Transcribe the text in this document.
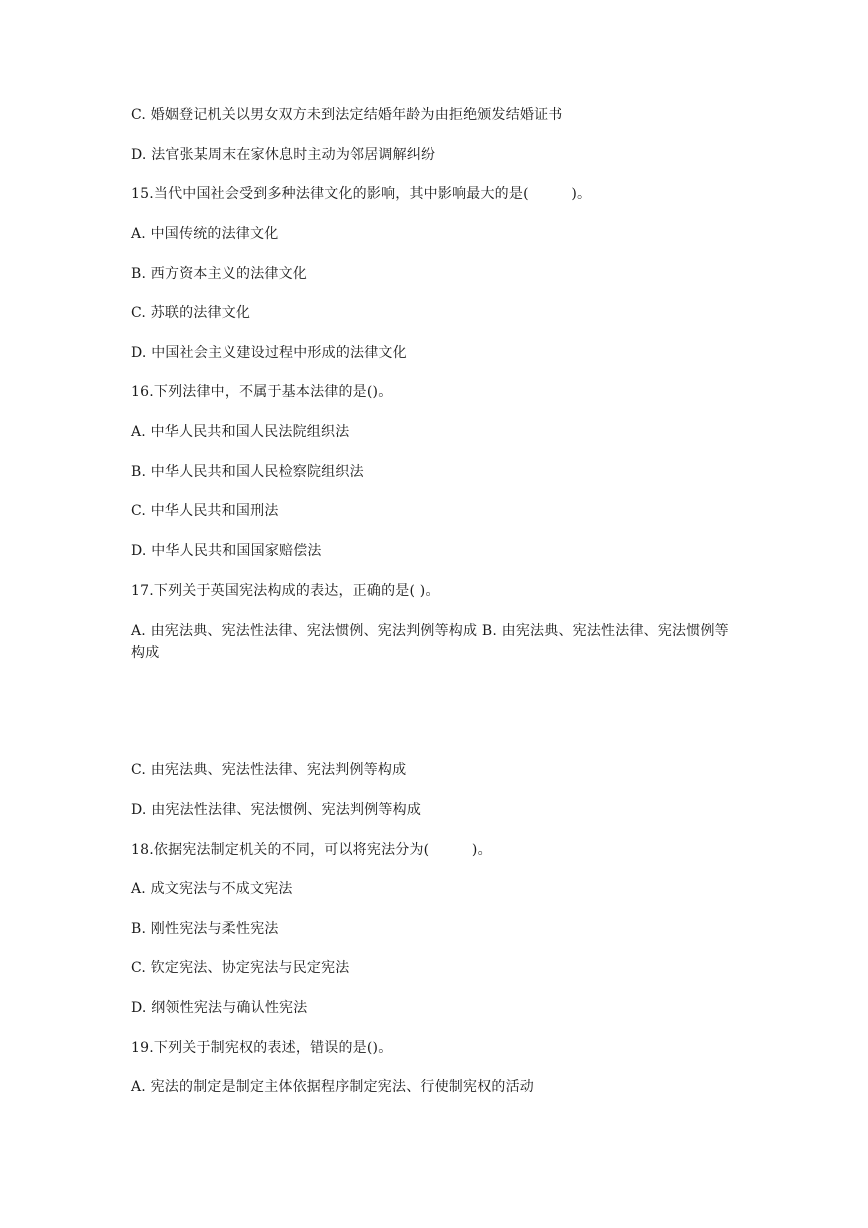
C. 婚姻登记机关以男女双方未到法定结婚年龄为由拒绝颁发结婚证书
D. 法官张某周末在家休息时主动为邻居调解纠纷
15.当代中国社会受到多种法律文化的影响，其中影响最大的是(　　　)。
A. 中国传统的法律文化
B. 西方资本主义的法律文化
C. 苏联的法律文化
D. 中国社会主义建设过程中形成的法律文化
16.下列法律中，不属于基本法律的是()。
A. 中华人民共和国人民法院组织法
B. 中华人民共和国人民检察院组织法
C. 中华人民共和国刑法
D. 中华人民共和国国家赔偿法
17.下列关于英国宪法构成的表达，正确的是( )。
A. 由宪法典、宪法性法律、宪法惯例、宪法判例等构成 B. 由宪法典、宪法性法律、宪法惯例等构成
C. 由宪法典、宪法性法律、宪法判例等构成
D. 由宪法性法律、宪法惯例、宪法判例等构成
18.依据宪法制定机关的不同，可以将宪法分为(　　　)。
A. 成文宪法与不成文宪法
B. 刚性宪法与柔性宪法
C. 钦定宪法、协定宪法与民定宪法
D. 纲领性宪法与确认性宪法
19.下列关于制宪权的表述，错误的是()。
A. 宪法的制定是制定主体依据程序制定宪法、行使制宪权的活动
